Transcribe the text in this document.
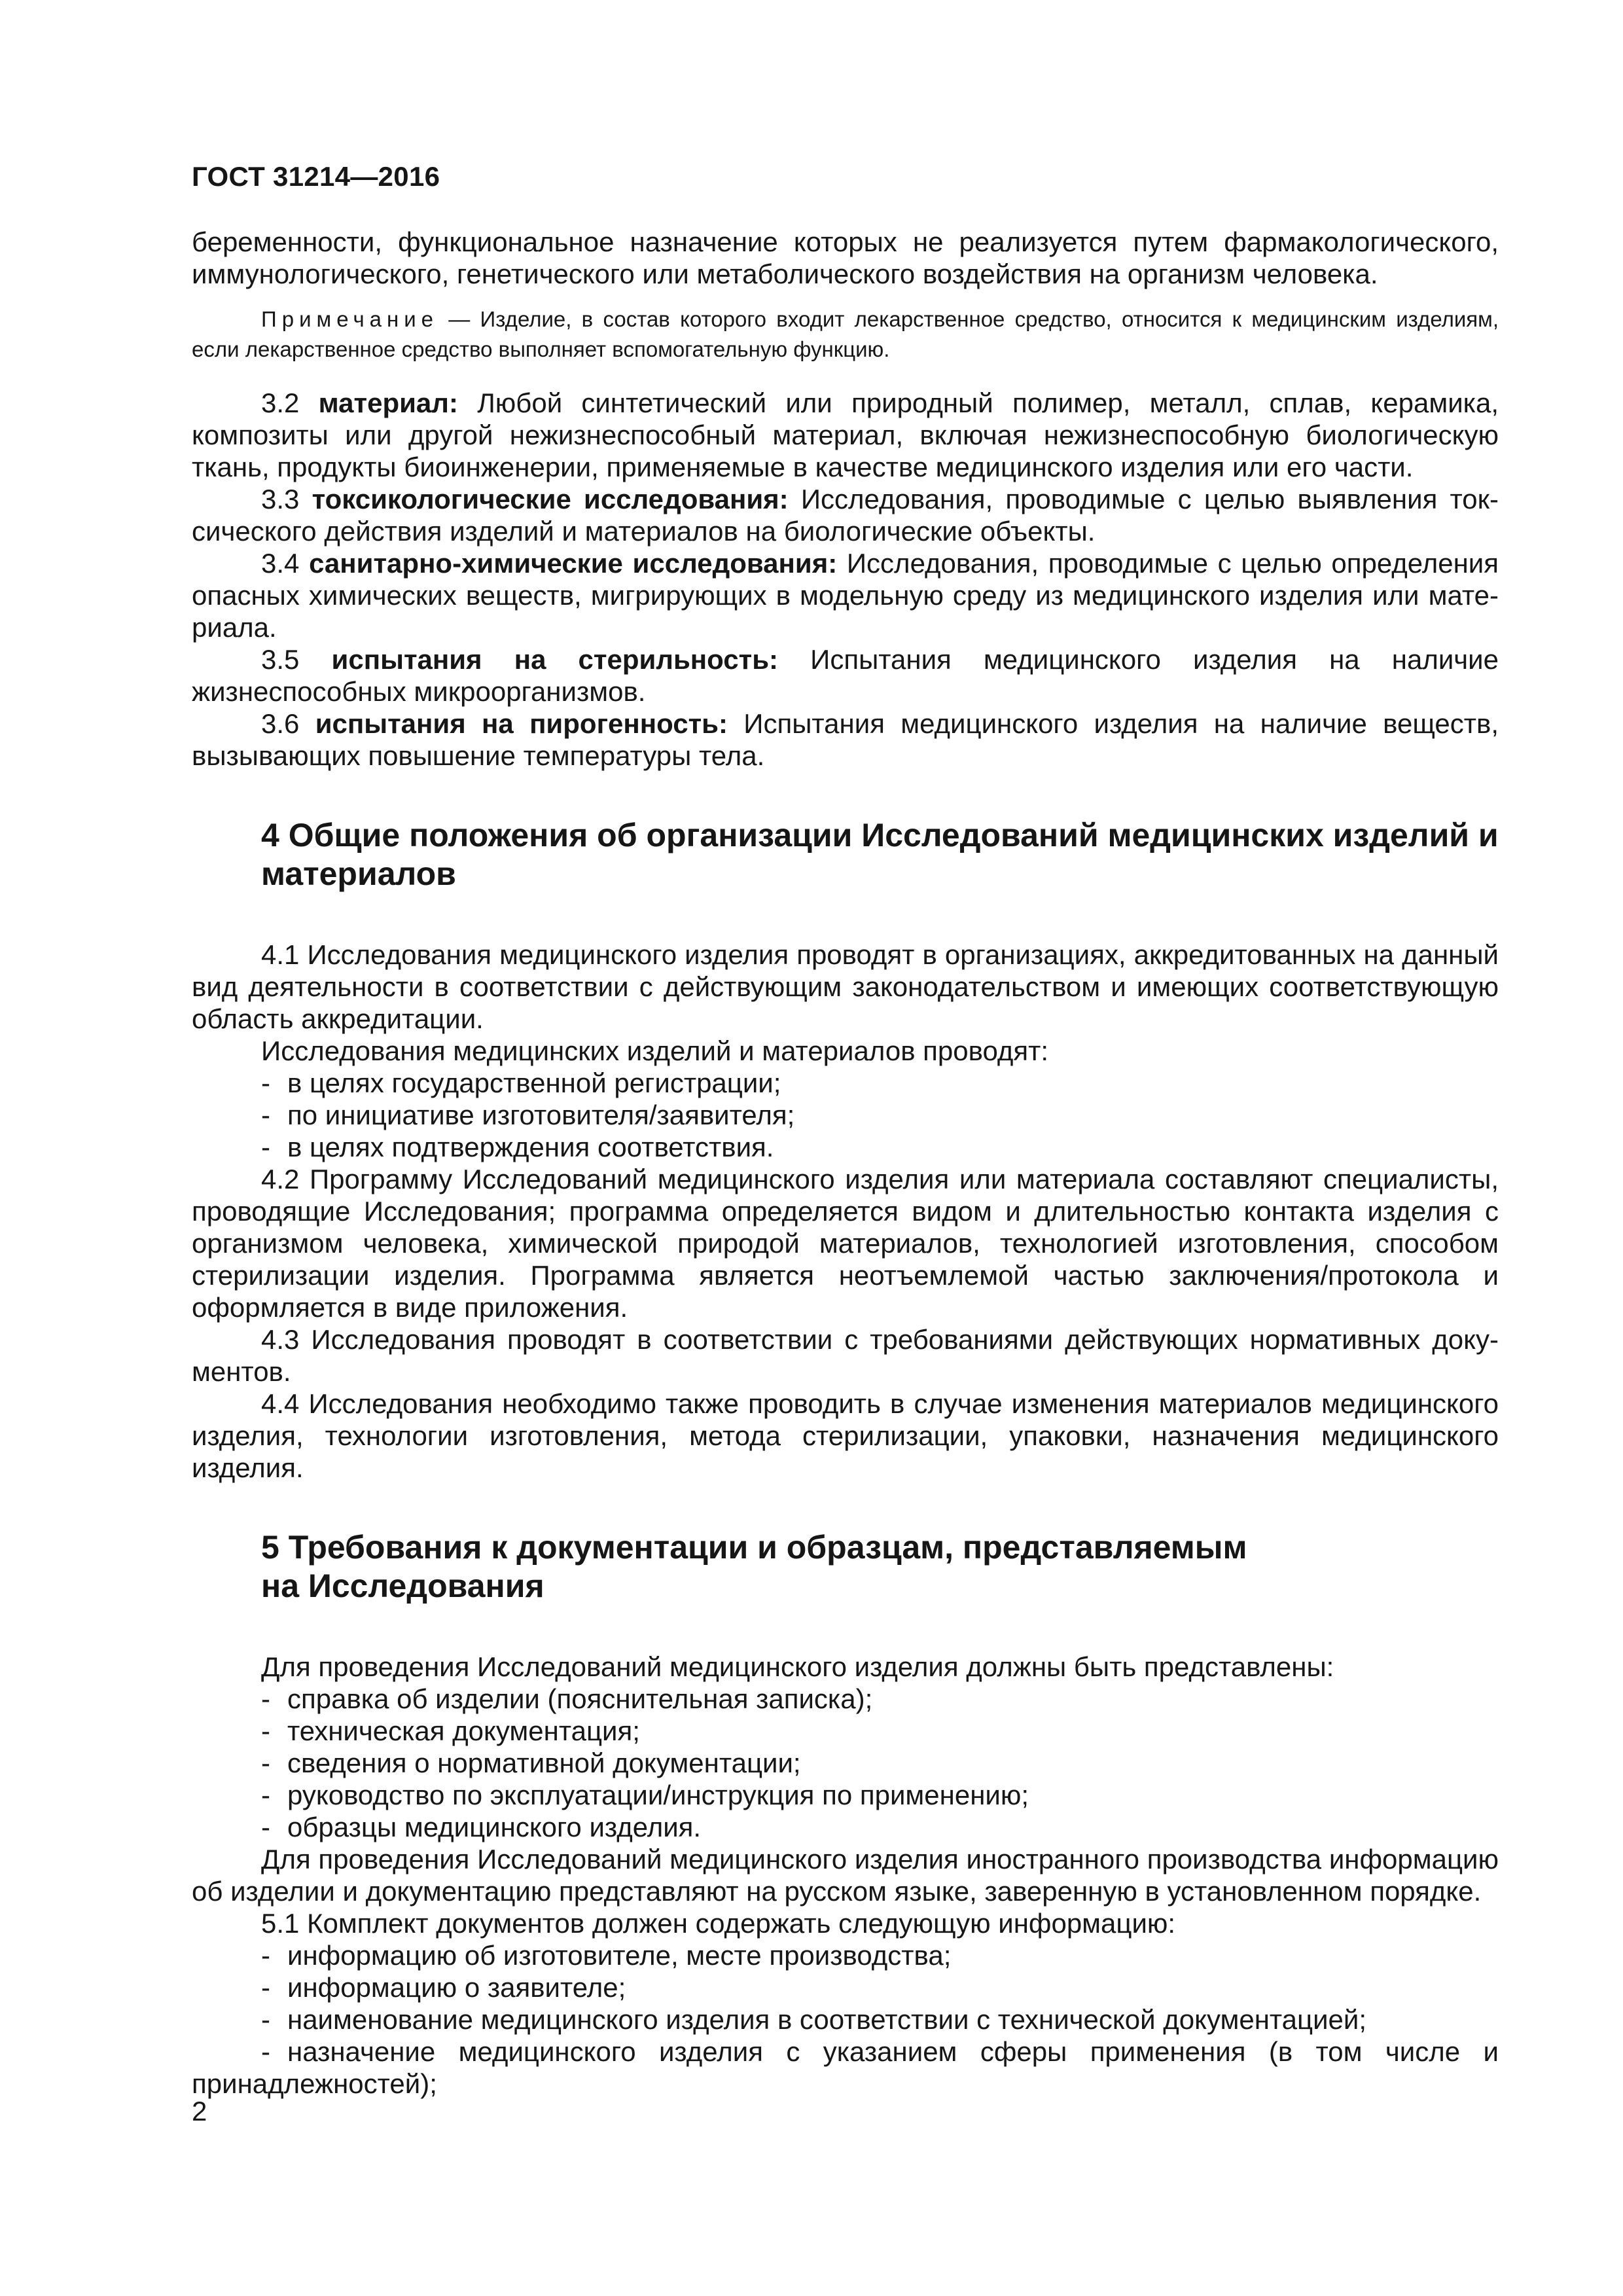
ГОСТ 31214—2016

беременности, функциональное назначение которых не реализуется путем фармакологического, иммунологического, генетического или метаболического воздействия на организм человека.

Примечание — Изделие, в состав которого входит лекарственное средство, относится к медицинским изделиям, если лекарственное средство выполняет вспомогательную функцию.

3.2 материал: Любой синтетический или природный полимер, металл, сплав, керамика, композиты или другой нежизнеспособный материал, включая нежизнеспособную биологическую ткань, продукты биоинженерии, применяемые в качестве медицинского изделия или его части.

3.3 токсикологические исследования: Исследования, проводимые с целью выявления токсического действия изделий и материалов на биологические объекты.

3.4 санитарно-химические исследования: Исследования, проводимые с целью определения опасных химических веществ, мигрирующих в модельную среду из медицинского изделия или материала.

3.5 испытания на стерильность: Испытания медицинского изделия на наличие жизнеспособных микроорганизмов.

3.6 испытания на пирогенность: Испытания медицинского изделия на наличие веществ, вызывающих повышение температуры тела.

4 Общие положения об организации Исследований медицинских изделий и материалов

4.1 Исследования медицинского изделия проводят в организациях, аккредитованных на данный вид деятельности в соответствии с действующим законодательством и имеющих соответствующую область аккредитации.

Исследования медицинских изделий и материалов проводят:

- в целях государственной регистрации;

- по инициативе изготовителя/заявителя;

- в целях подтверждения соответствия.

4.2 Программу Исследований медицинского изделия или материала составляют специалисты, проводящие Исследования; программа определяется видом и длительностью контакта изделия с организмом человека, химической природой материалов, технологией изготовления, способом стерилизации изделия. Программа является неотъемлемой частью заключения/протокола и оформляется в виде приложения.

4.3 Исследования проводят в соответствии с требованиями действующих нормативных документов.

4.4 Исследования необходимо также проводить в случае изменения материалов медицинского изделия, технологии изготовления, метода стерилизации, упаковки, назначения медицинского изделия.

5 Требования к документации и образцам, представляемым
на Исследования

Для проведения Исследований медицинского изделия должны быть представлены:

- справка об изделии (пояснительная записка);

- техническая документация;

- сведения о нормативной документации;

- руководство по эксплуатации/инструкция по применению;

- образцы медицинского изделия.

Для проведения Исследований медицинского изделия иностранного производства информацию об изделии и документацию представляют на русском языке, заверенную в установленном порядке.

5.1 Комплект документов должен содержать следующую информацию:

- информацию об изготовителе, месте производства;

- информацию о заявителе;

- наименование медицинского изделия в соответствии с технической документацией;

- назначение медицинского изделия с указанием сферы применения (в том числе и принадлежностей);

2
